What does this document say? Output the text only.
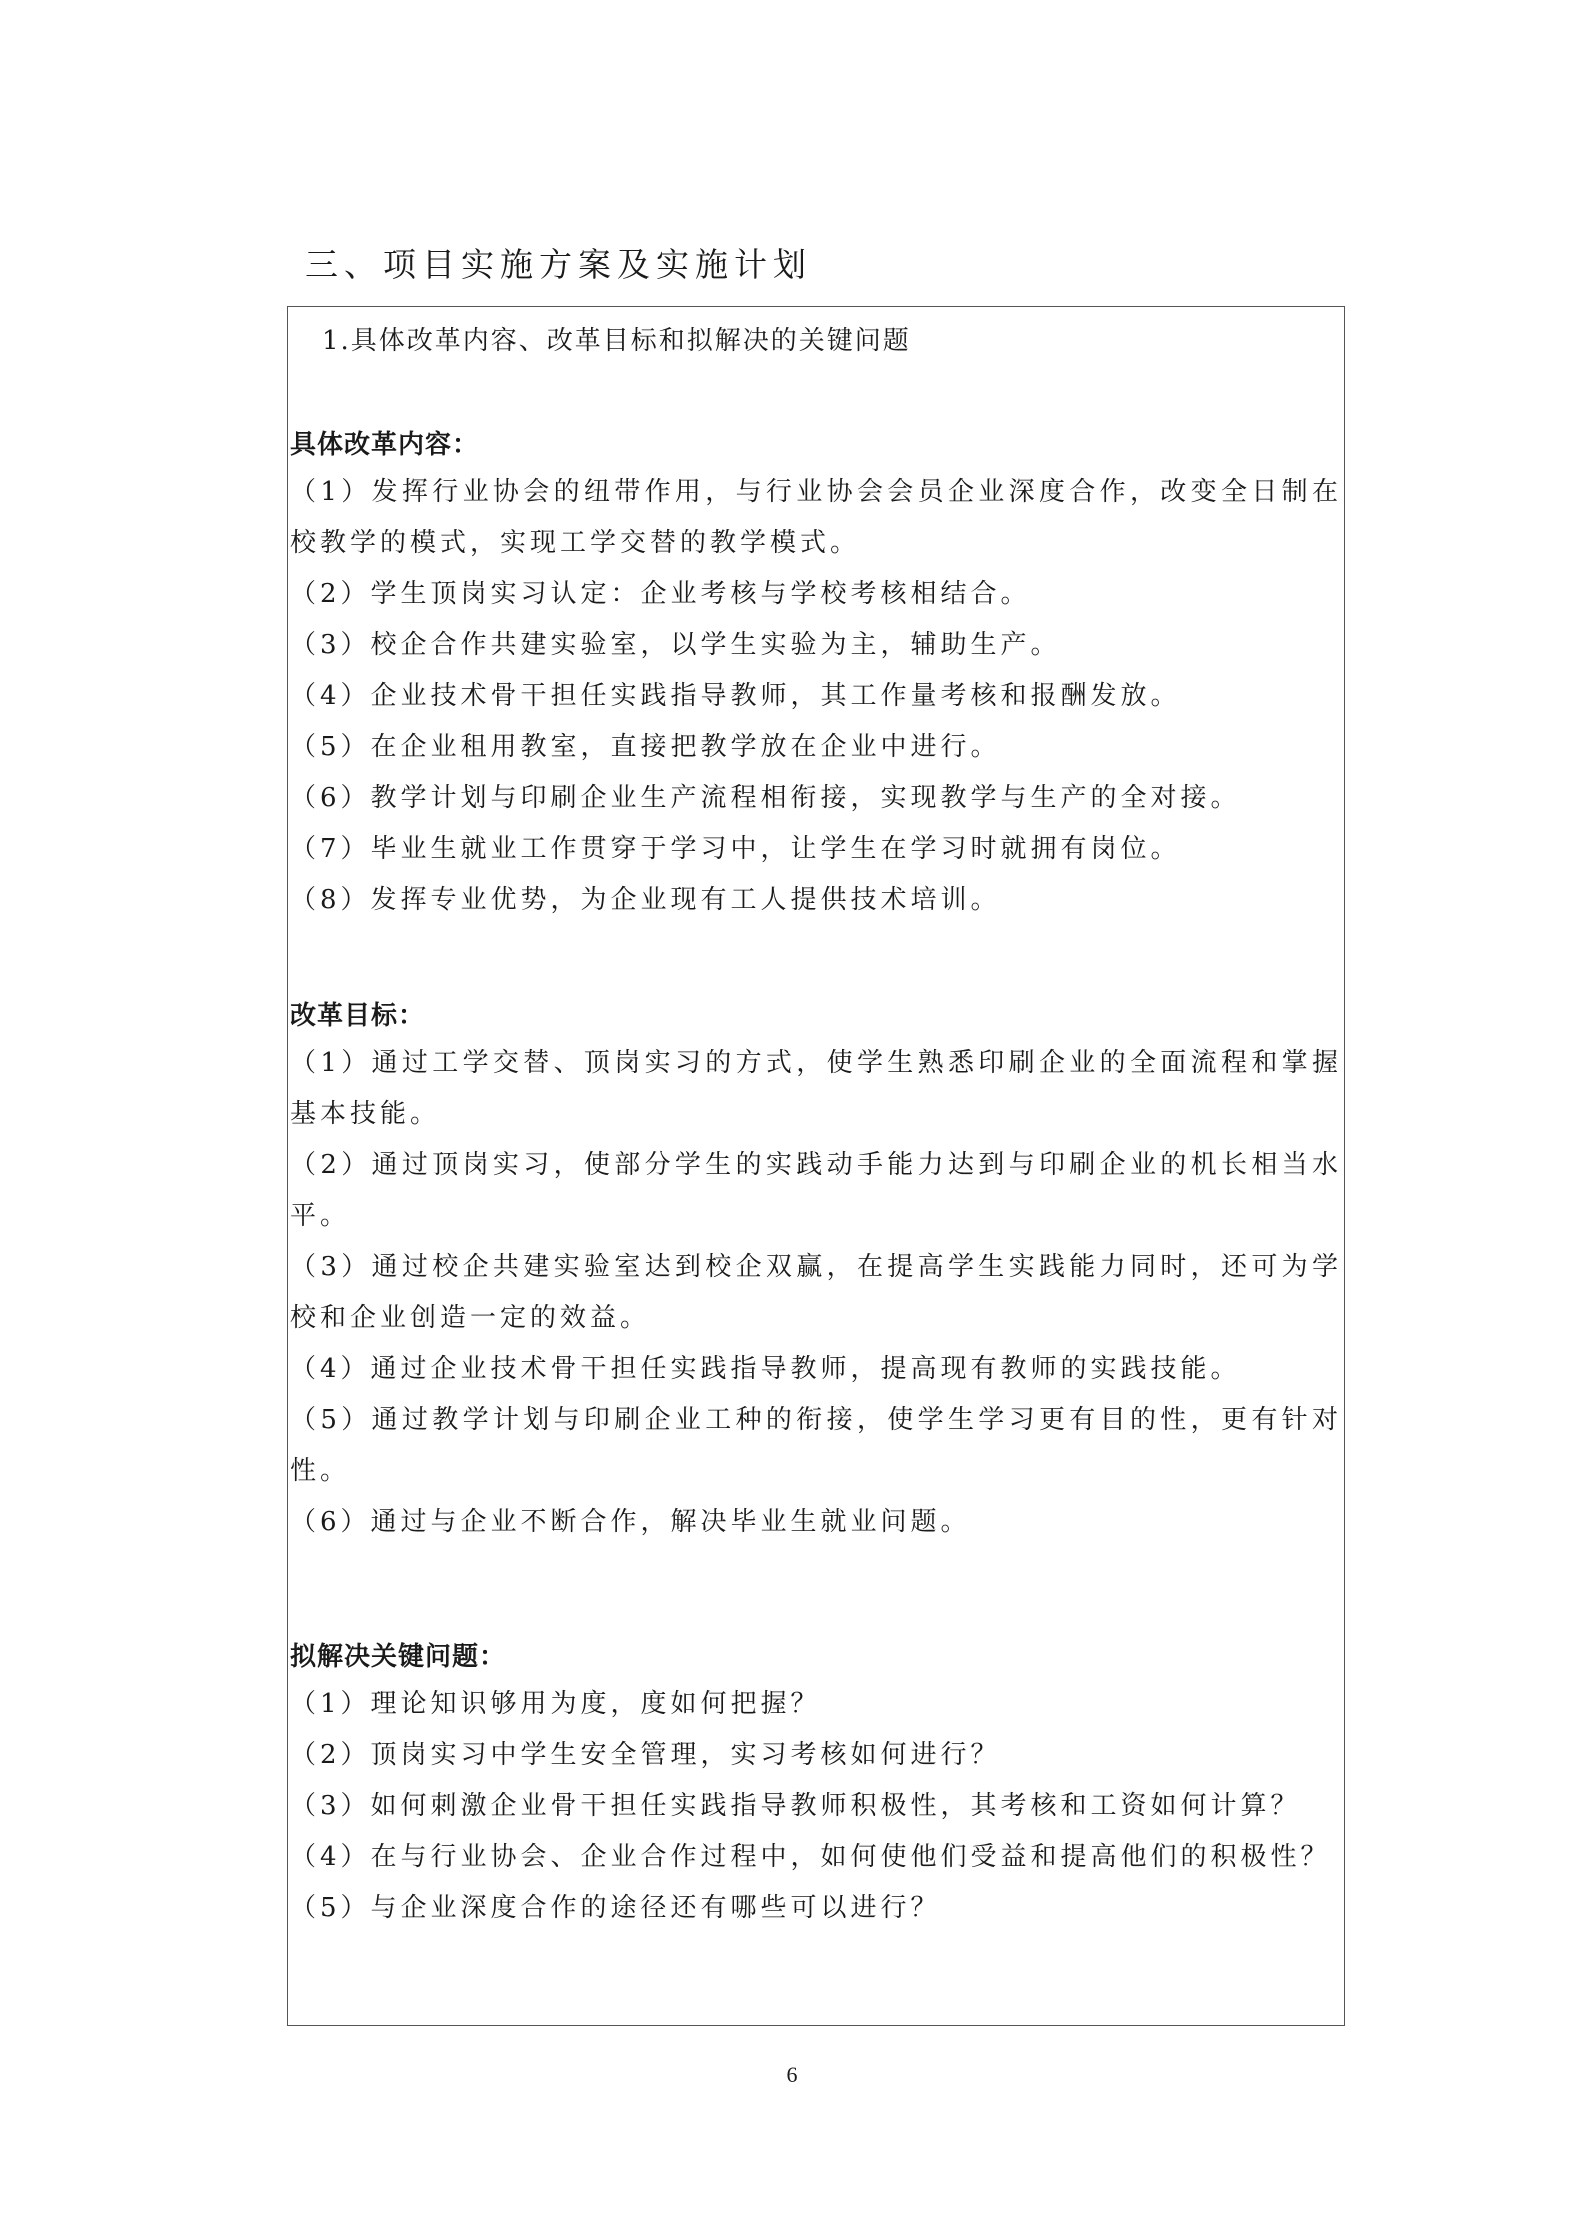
三、项目实施方案及实施计划
1.具体改革内容、改革目标和拟解决的关键问题
具体改革内容：
（1）发挥行业协会的纽带作用，与行业协会会员企业深度合作，改变全日制在校教学的模式，实现工学交替的教学模式。
（2）学生顶岗实习认定：企业考核与学校考核相结合。
（3）校企合作共建实验室，以学生实验为主，辅助生产。
（4）企业技术骨干担任实践指导教师，其工作量考核和报酬发放。
（5）在企业租用教室，直接把教学放在企业中进行。
（6）教学计划与印刷企业生产流程相衔接，实现教学与生产的全对接。
（7）毕业生就业工作贯穿于学习中，让学生在学习时就拥有岗位。
（8）发挥专业优势，为企业现有工人提供技术培训。
改革目标：
（1）通过工学交替、顶岗实习的方式，使学生熟悉印刷企业的全面流程和掌握基本技能。
（2）通过顶岗实习，使部分学生的实践动手能力达到与印刷企业的机长相当水平。
（3）通过校企共建实验室达到校企双赢，在提高学生实践能力同时，还可为学校和企业创造一定的效益。
（4）通过企业技术骨干担任实践指导教师，提高现有教师的实践技能。
（5）通过教学计划与印刷企业工种的衔接，使学生学习更有目的性，更有针对性。
（6）通过与企业不断合作，解决毕业生就业问题。
拟解决关键问题：
（1）理论知识够用为度，度如何把握？
（2）顶岗实习中学生安全管理，实习考核如何进行？
（3）如何刺激企业骨干担任实践指导教师积极性，其考核和工资如何计算？
（4）在与行业协会、企业合作过程中，如何使他们受益和提高他们的积极性？
（5）与企业深度合作的途径还有哪些可以进行？
6
